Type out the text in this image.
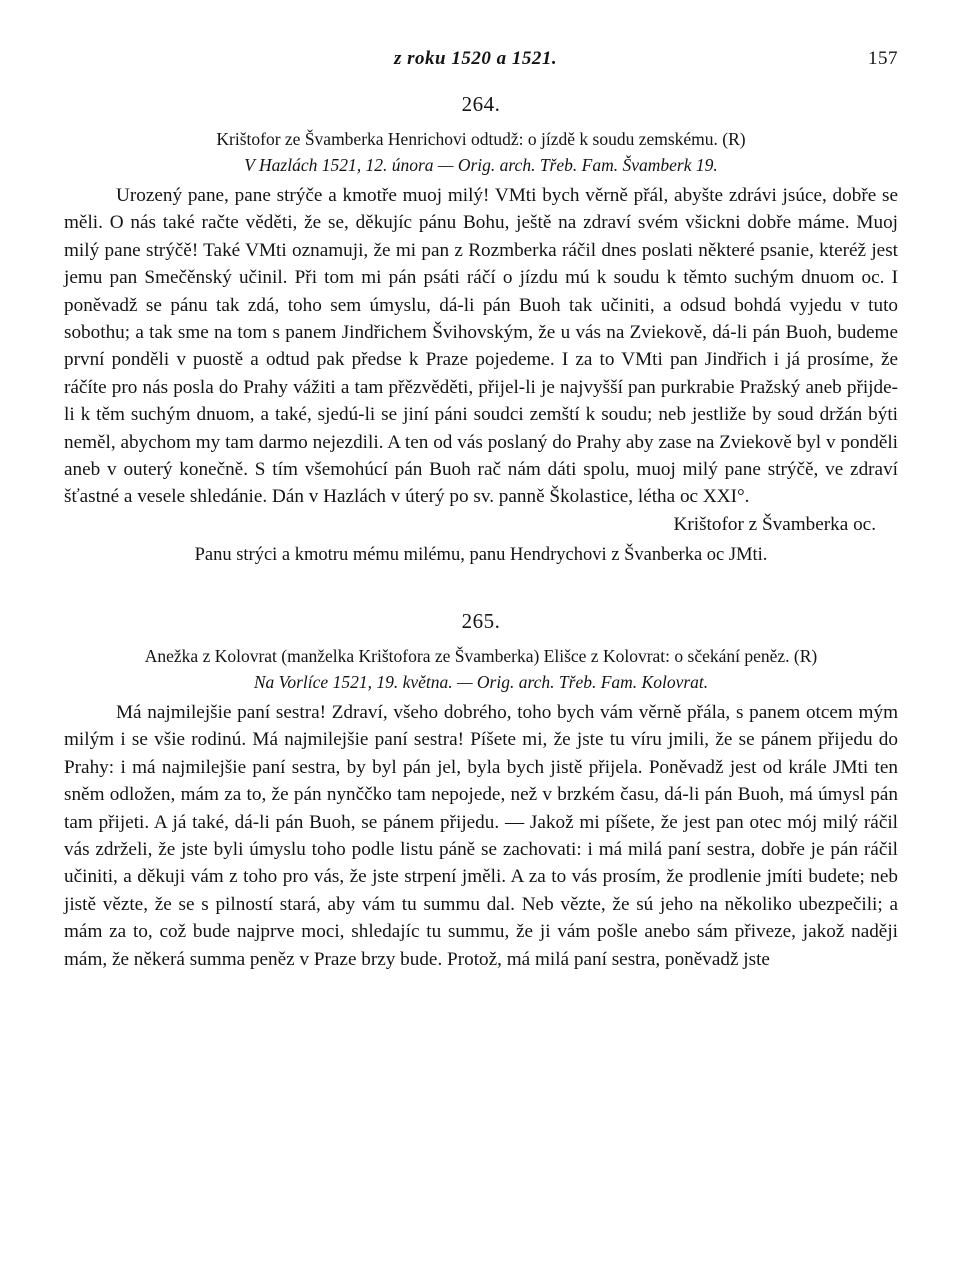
z roku 1520 a 1521.	157
264.
Krištofor ze Švamberka Henrichovi odtudž: o jízdě k soudu zemskému. (R)
V Hazlách 1521, 12. února — Orig. arch. Třeb. Fam. Švamberk 19.

Urozený pane, pane strýče a kmotře muoj milý! VMti bych věrně přál, abyšte zdrávi jsúce, dobře se měli. O nás také račte věděti, že se, děkujíc pánu Bohu, ještě na zdraví svém všickni dobře máme. Muoj milý pane strýčě! Také VMti oznamuji, že mi pan z Rozmberka ráčil dnes poslati některé psanie, kteréž jest jemu pan Smečěnský učinil. Při tom mi pán psáti ráčí o jízdu mú k soudu k těmto suchým dnuom oc. I poněvadž se pánu tak zdá, toho sem úmyslu, dá-li pán Buoh tak učiniti, a odsud bohdá vyjedu v tuto sobothu; a tak sme na tom s panem Jindřichem Švihovským, že u vás na Zviekově, dá-li pán Buoh, budeme první ponděli v puostě a odtud pak předse k Praze pojedeme. I za to VMti pan Jindřich i já prosíme, že ráčíte pro nás posla do Prahy vážiti a tam přězvěděti, přijel-li je najvyšší pan purkrabie Pražský aneb přijde-li k těm suchým dnuom, a také, sjedú-li se jiní páni soudci zemští k soudu; neb jestliže by soud držán býti neměl, abychom my tam darmo nejezdili. A ten od vás poslaný do Prahy aby zase na Zviekově byl v ponděli aneb v outerý konečně. S tím všemohúcí pán Buoh rač nám dáti spolu, muoj milý pane strýčě, ve zdraví šťastné a vesele shledánie. Dán v Hazlách v úterý po sv. panně Školastice, léthа oc XXI°.

Krištofor z Švamberka oc.
Panu strýci a kmotru mému milému, panu Hendrychovi z Švanberka oc JMti.
265.
Anežka z Kolovrat (manželka Krištofora ze Švamberka) Elišce z Kolovrat: o sčekání peněz. (R)
Na Vorlíce 1521, 19. května. — Orig. arch. Třeb. Fam. Kolovrat.

Má najmilejšie paní sestra! Zdraví, všeho dobrého, toho bych vám věrně přála, s panem otcem mým milým i se všie rodinú. Má najmilejšie paní sestra! Píšete mi, že jste tu víru jmili, že se pánem přijedu do Prahy: i má najmilejšie paní sestra, by byl pán jel, byla bych jistě přijela. Poněvadž jest od krále JMti ten sněm odložen, mám za to, že pán nynččko tam nepojede, než v brzkém času, dá-li pán Buoh, má úmysl pán tam přijeti. A já také, dá-li pán Buoh, se pánem přijedu. — Jakož mi píšete, že jest pan otec mój milý ráčil vás zdrželi, že jste byli úmyslu toho podle listu páně se zachovati: i má milá paní sestra, dobře je pán ráčil učiniti, a děkuji vám z toho pro vás, že jste strpení jměli. A za to vás prosím, že prodlenie jmíti budete; neb jistě vězte, že se s pilností stará, aby vám tu summu dal. Neb vězte, že sú jeho na několiko ubezpečili; a mám za to, což bude najprve moci, shledajíc tu summu, že ji vám pošle anebo sám přiveze, jakož naději mám, že někerá summa peněz v Praze brzy bude. Protož, má milá paní sestra, poněvadž jste
